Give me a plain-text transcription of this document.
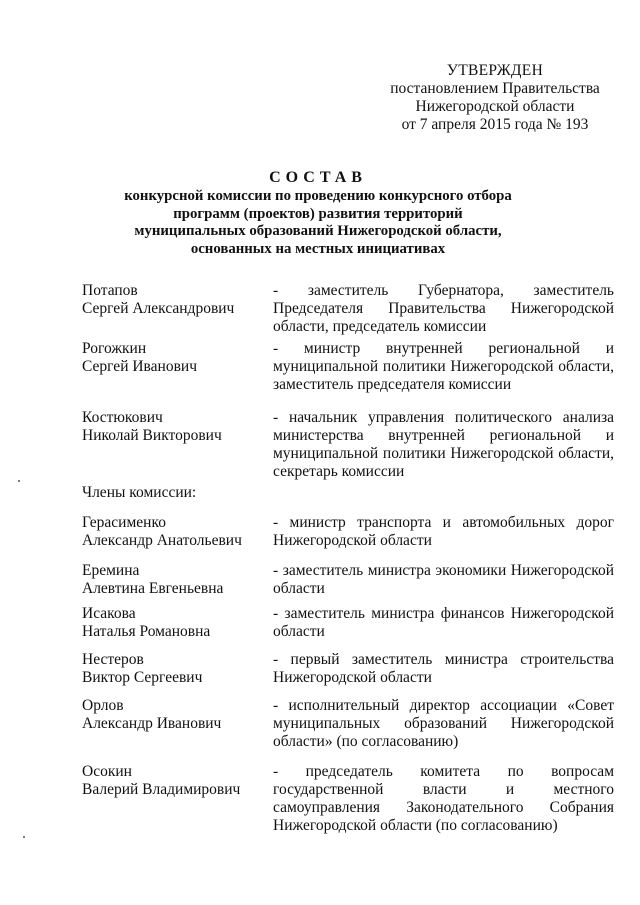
УТВЕРЖДЕН
постановлением Правительства
Нижегородской области
от 7 апреля 2015 года № 193
СОСТАВ
конкурсной комиссии по проведению конкурсного отбора
программ (проектов) развития территорий
муниципальных образований Нижегородской области,
основанных на местных инициативах
Потапов
Сергей Александрович
- заместитель Губернатора, заместитель Председателя Правительства Нижегородской области, председатель комиссии
Рогожкин
Сергей Иванович
- министр внутренней региональной и муниципальной политики Нижегородской области, заместитель председателя комиссии
Костюкович
Николай Викторович
- начальник управления политического анализа министерства внутренней региональной и муниципальной политики Нижегородской области, секретарь комиссии
Члены комиссии:
Герасименко
Александр Анатольевич
- министр транспорта и автомобильных дорог Нижегородской области
Еремина
Алевтина Евгеньевна
- заместитель министра экономики Нижегородской области
Исакова
Наталья Романовна
- заместитель министра финансов Нижегородской области
Нестеров
Виктор Сергеевич
- первый заместитель министра строительства Нижегородской области
Орлов
Александр Иванович
- исполнительный директор ассоциации «Совет муниципальных образований Нижегородской области» (по согласованию)
Осокин
Валерий Владимирович
- председатель комитета по вопросам государственной власти и местного самоуправления Законодательного Собрания Нижегородской области (по согласованию)
